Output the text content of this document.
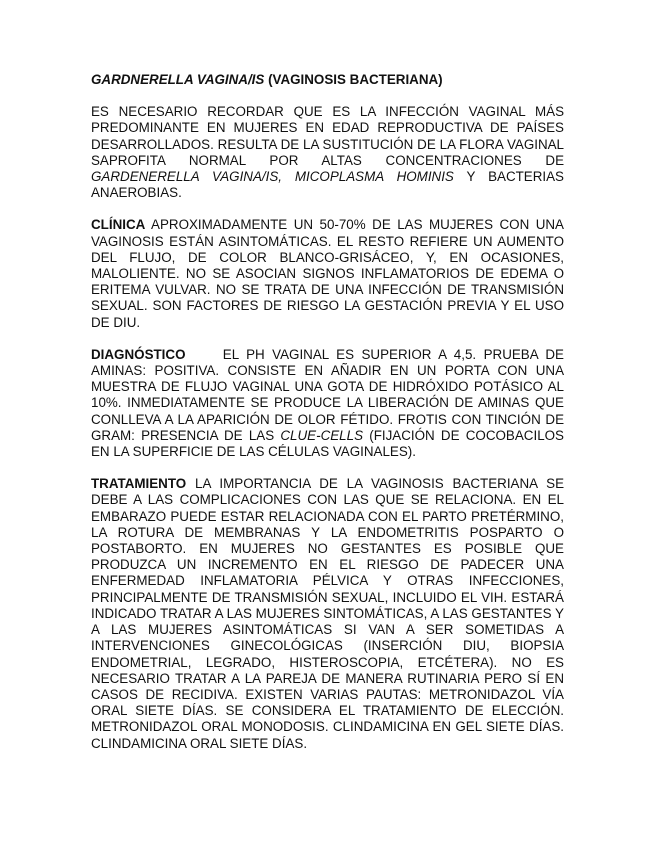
GARDNERELLA VAGINA/IS (VAGINOSIS BACTERIANA)

ES NECESARIO RECORDAR QUE ES LA INFECCIÓN VAGINAL MÁS PREDOMINANTE EN MUJERES EN EDAD REPRODUCTIVA DE PAÍSES DESARROLLADOS. RESULTA DE LA SUSTITUCIÓN DE LA FLORA VAGINAL SAPROFITA NORMAL POR ALTAS CONCENTRACIONES DE GARDENERELLA VAGINA/IS, MICOPLASMA HOMINIS Y BACTERIAS ANAEROBIAS.

CLÍNICA APROXIMADAMENTE UN 50-70% DE LAS MUJERES CON UNA VAGINOSIS ESTÁN ASINTOMÁTICAS. EL RESTO REFIERE UN AUMENTO DEL FLUJO, DE COLOR BLANCO-GRISÁCEO, Y, EN OCASIONES, MALOLIENTE. NO SE ASOCIAN SIGNOS INFLAMATORIOS DE EDEMA O ERITEMA VULVAR. NO SE TRATA DE UNA INFECCIÓN DE TRANSMISIÓN SEXUAL. SON FACTORES DE RIESGO LA GESTACIÓN PREVIA Y EL USO DE DIU.

DIAGNÓSTICO     EL PH VAGINAL ES SUPERIOR A 4,5. PRUEBA DE AMINAS: POSITIVA. CONSISTE EN AÑADIR EN UN PORTA CON UNA MUESTRA DE FLUJO VAGINAL UNA GOTA DE HIDRÓXIDO POTÁSICO AL 10%. INMEDIATAMENTE SE PRODUCE LA LIBERACIÓN DE AMINAS QUE CONLLEVA A LA APARICIÓN DE OLOR FÉTIDO. FROTIS CON TINCIÓN DE GRAM: PRESENCIA DE LAS CLUE-CELLS (FIJACIÓN DE COCOBACILOS EN LA SUPERFICIE DE LAS CÉLULAS VAGINALES).

TRATAMIENTO LA IMPORTANCIA DE LA VAGINOSIS BACTERIANA SE DEBE A LAS COMPLICACIONES CON LAS QUE SE RELACIONA. EN EL EMBARAZO PUEDE ESTAR RELACIONADA CON EL PARTO PRETÉRMINO, LA ROTURA DE MEMBRANAS Y LA ENDOMETRITIS POSPARTO O POSTABORTO. EN MUJERES NO GESTANTES ES POSIBLE QUE PRODUZCA UN INCREMENTO EN EL RIESGO DE PADECER UNA ENFERMEDAD INFLAMATORIA PÉLVICA Y OTRAS INFECCIONES, PRINCIPALMENTE DE TRANSMISIÓN SEXUAL, INCLUIDO EL VIH. ESTARÁ INDICADO TRATAR A LAS MUJERES SINTOMÁTICAS, A LAS GESTANTES Y A LAS MUJERES ASINTOMÁTICAS SI VAN A SER SOMETIDAS A INTERVENCIONES GINECOLÓGICAS (INSERCIÓN DIU, BIOPSIA ENDOMETRIAL, LEGRADO, HISTEROSCOPIA, ETCÉTERA). NO ES NECESARIO TRATAR A LA PAREJA DE MANERA RUTINARIA PERO SÍ EN CASOS DE RECIDIVA. EXISTEN VARIAS PAUTAS: METRONIDAZOL VÍA ORAL SIETE DÍAS. SE CONSIDERA EL TRATAMIENTO DE ELECCIÓN. METRONIDAZOL ORAL MONODOSIS. CLINDAMICINA EN GEL SIETE DÍAS. CLINDAMICINA ORAL SIETE DÍAS.
